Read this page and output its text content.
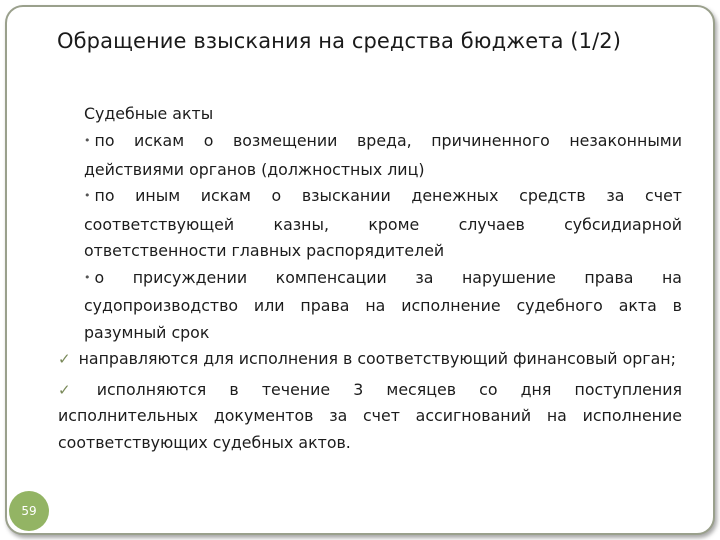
Обращение взыскания на средства бюджета (1/2)
Судебные акты
• по искам о возмещении вреда, причиненного незаконными действиями органов (должностных лиц)
• по иным искам о взыскании денежных средств за счет соответствующей казны, кроме случаев субсидиарной ответственности главных распорядителей
• о присуждении компенсации за нарушение права на судопроизводство или права на исполнение судебного акта в разумный срок
✓ направляются для исполнения в соответствующий финансовый орган;
✓ исполняются в течение 3 месяцев со дня поступления исполнительных документов за счет ассигнований на исполнение соответствующих судебных актов.
59
